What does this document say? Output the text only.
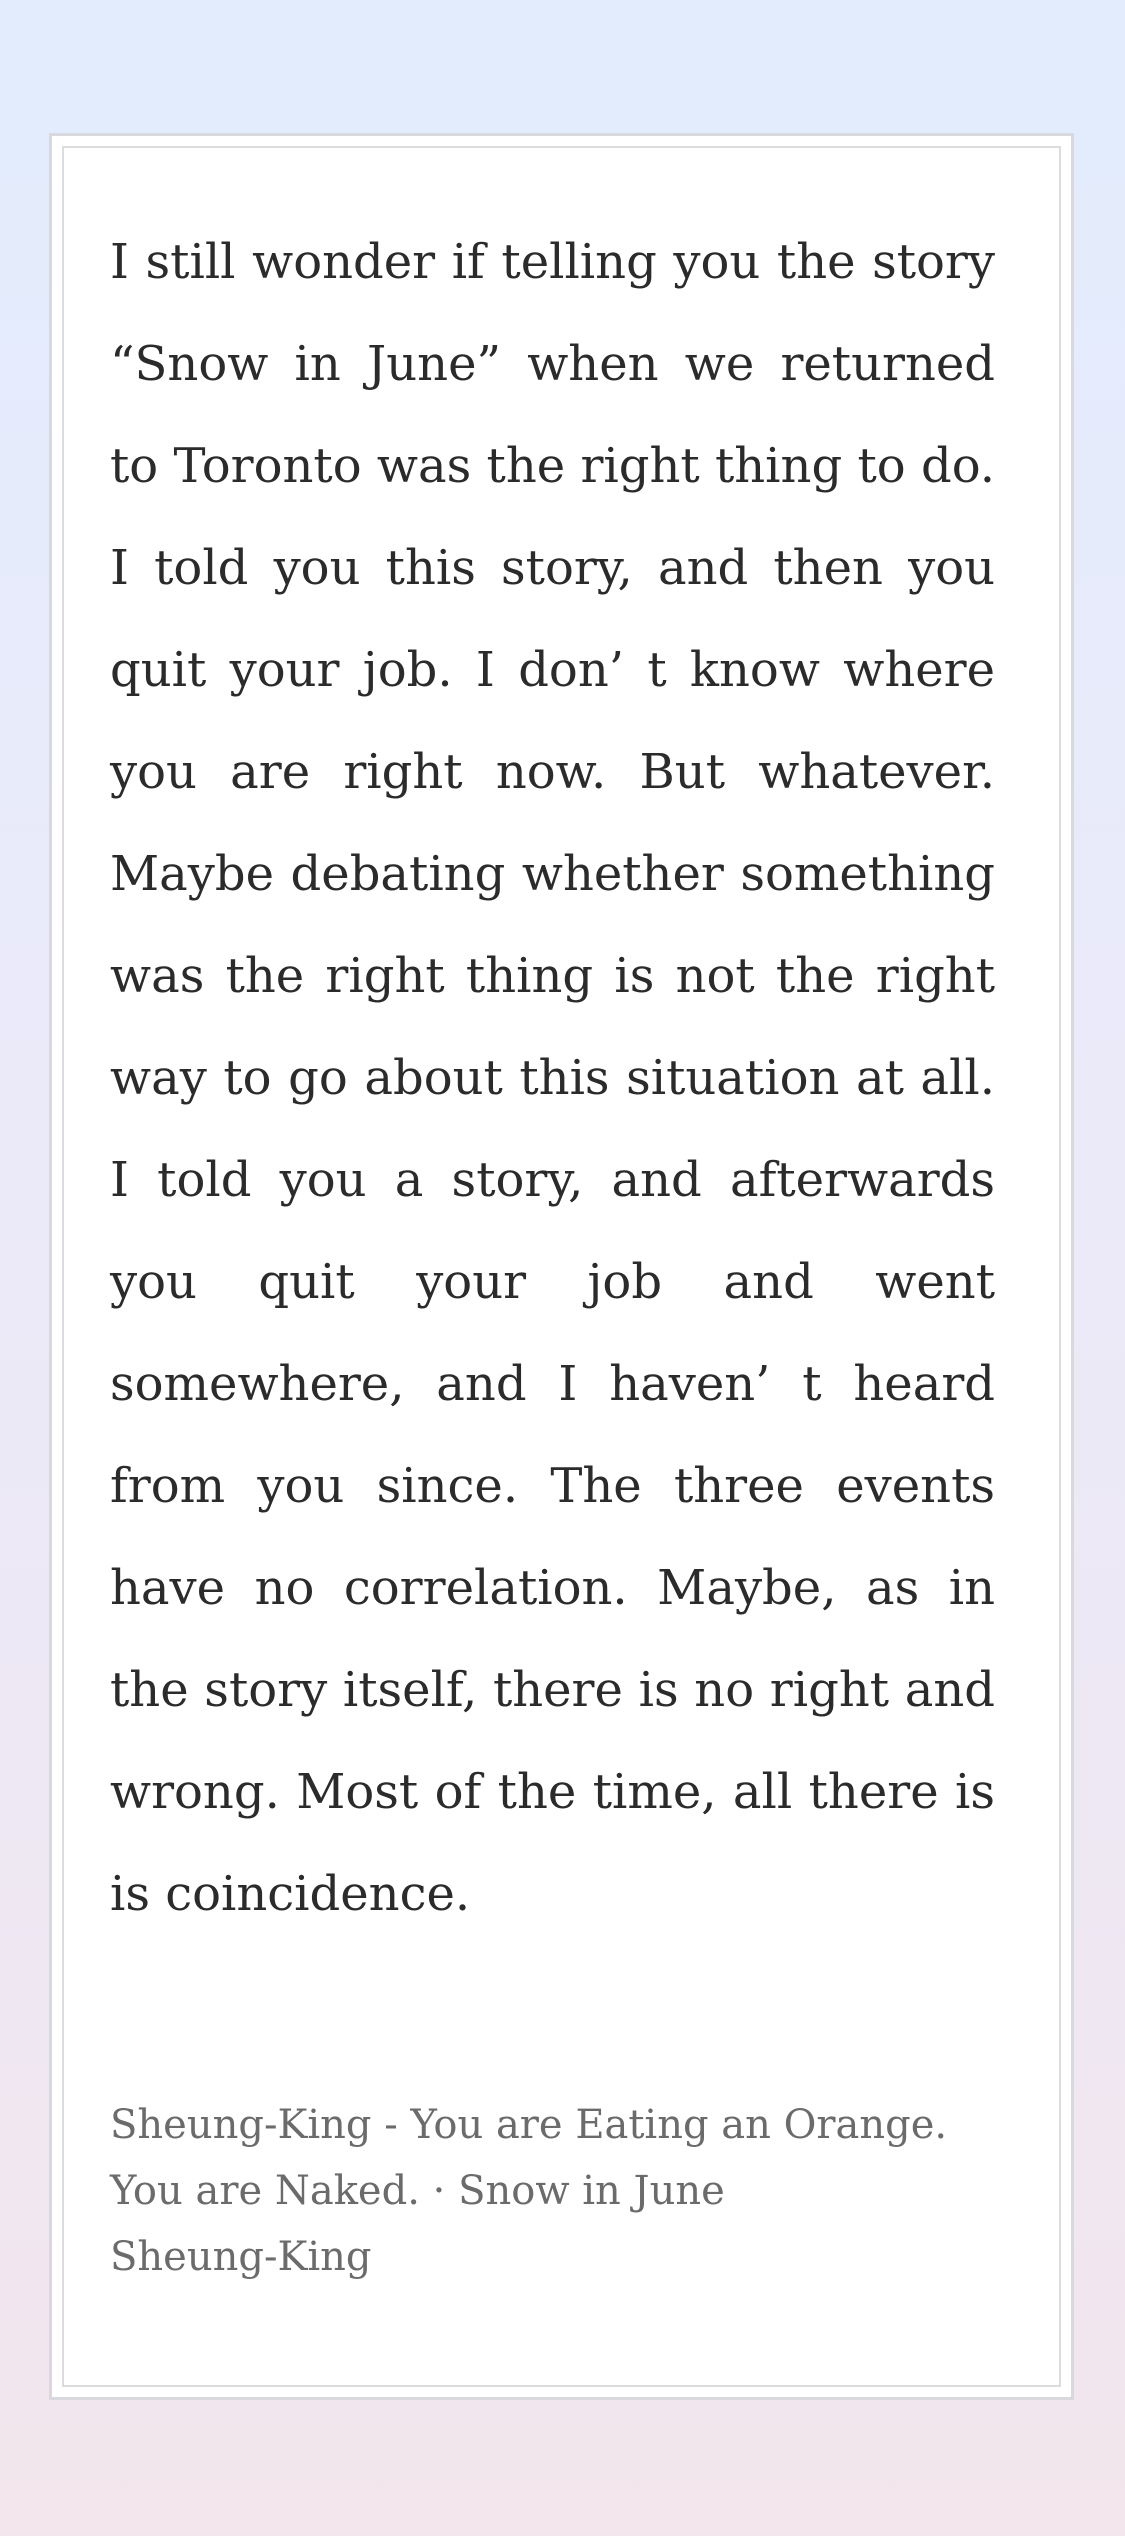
I still wonder if telling you the story “Snow in June” when we returned to Toronto was the right thing to do. I told you this story, and then you quit your job. I don’ t know where you are right now. But whatever. Maybe debating whether something was the right thing is not the right way to go about this situation at all. I told you a story, and afterwards you quit your job and went somewhere, and I haven’ t heard from you since. The three events have no correlation. Maybe, as in the story itself, there is no right and wrong. Most of the time, all there is is coincidence.

Sheung-King - You are Eating an Orange.
You are Naked. · Snow in June
Sheung-King
